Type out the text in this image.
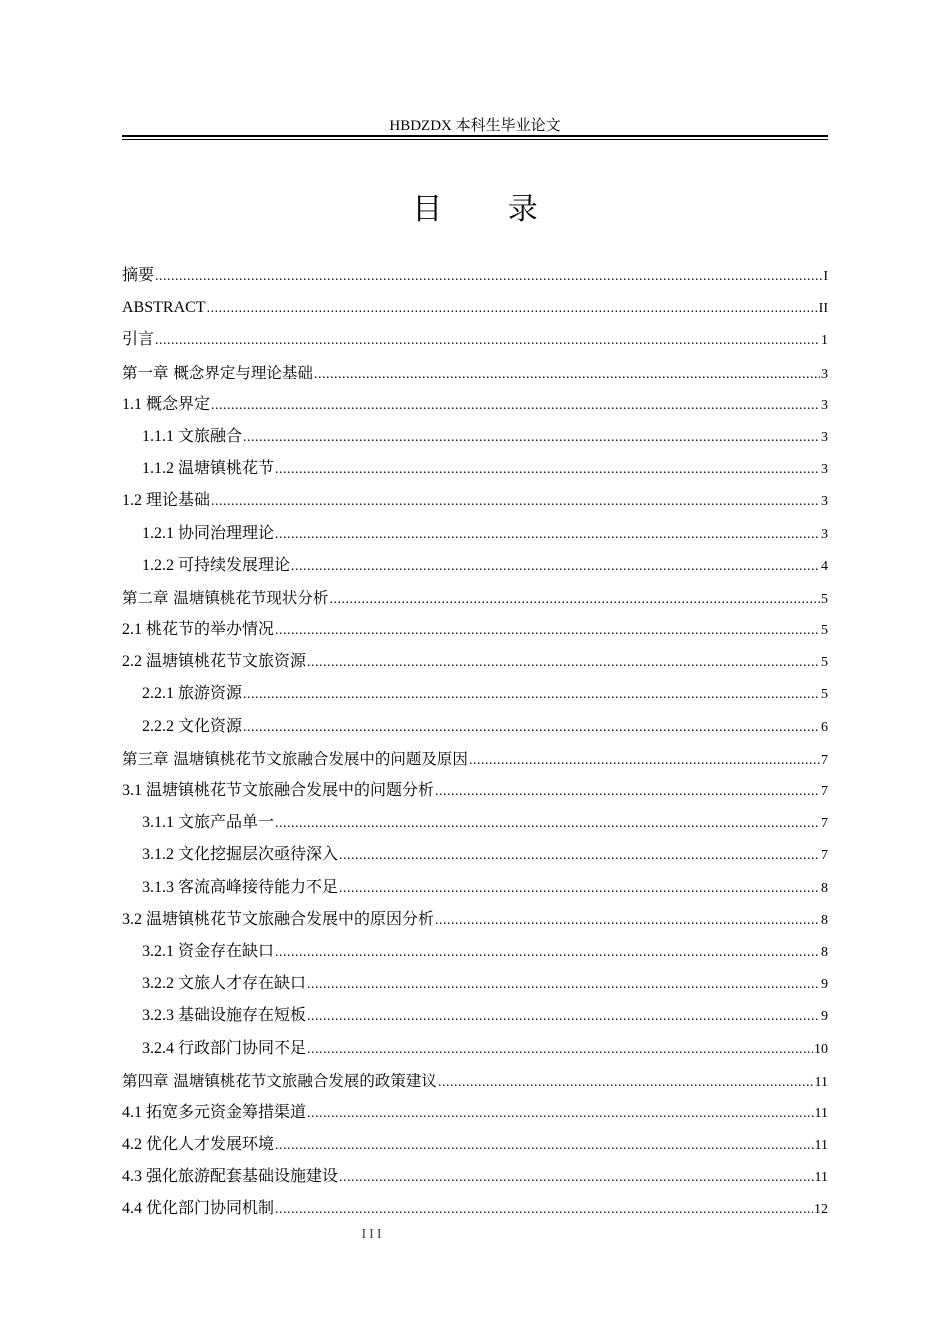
HBDZDX 本科生毕业论文
目 录
摘要 .....	I
ABSTRACT .....	II
引言 .....	1
第一章 概念界定与理论基础 .....	3
1.1 概念界定 .....	3
1.1.1 文旅融合 .....	3
1.1.2 温塘镇桃花节 .....	3
1.2 理论基础 .....	3
1.2.1 协同治理理论 .....	3
1.2.2 可持续发展理论 .....	4
第二章 温塘镇桃花节现状分析 .....	5
2.1 桃花节的举办情况 .....	5
2.2 温塘镇桃花节文旅资源 .....	5
2.2.1 旅游资源 .....	5
2.2.2 文化资源 .....	6
第三章 温塘镇桃花节文旅融合发展中的问题及原因 .....	7
3.1 温塘镇桃花节文旅融合发展中的问题分析 .....	7
3.1.1 文旅产品单一 .....	7
3.1.2 文化挖掘层次亟待深入 .....	7
3.1.3 客流高峰接待能力不足 .....	8
3.2 温塘镇桃花节文旅融合发展中的原因分析 .....	8
3.2.1 资金存在缺口 .....	8
3.2.2 文旅人才存在缺口 .....	9
3.2.3 基础设施存在短板 .....	9
3.2.4 行政部门协同不足 .....	10
第四章 温塘镇桃花节文旅融合发展的政策建议 .....	11
4.1 拓宽多元资金筹措渠道 .....	11
4.2 优化人才发展环境 .....	11
4.3 强化旅游配套基础设施建设 .....	11
4.4 优化部门协同机制 .....	12
III
